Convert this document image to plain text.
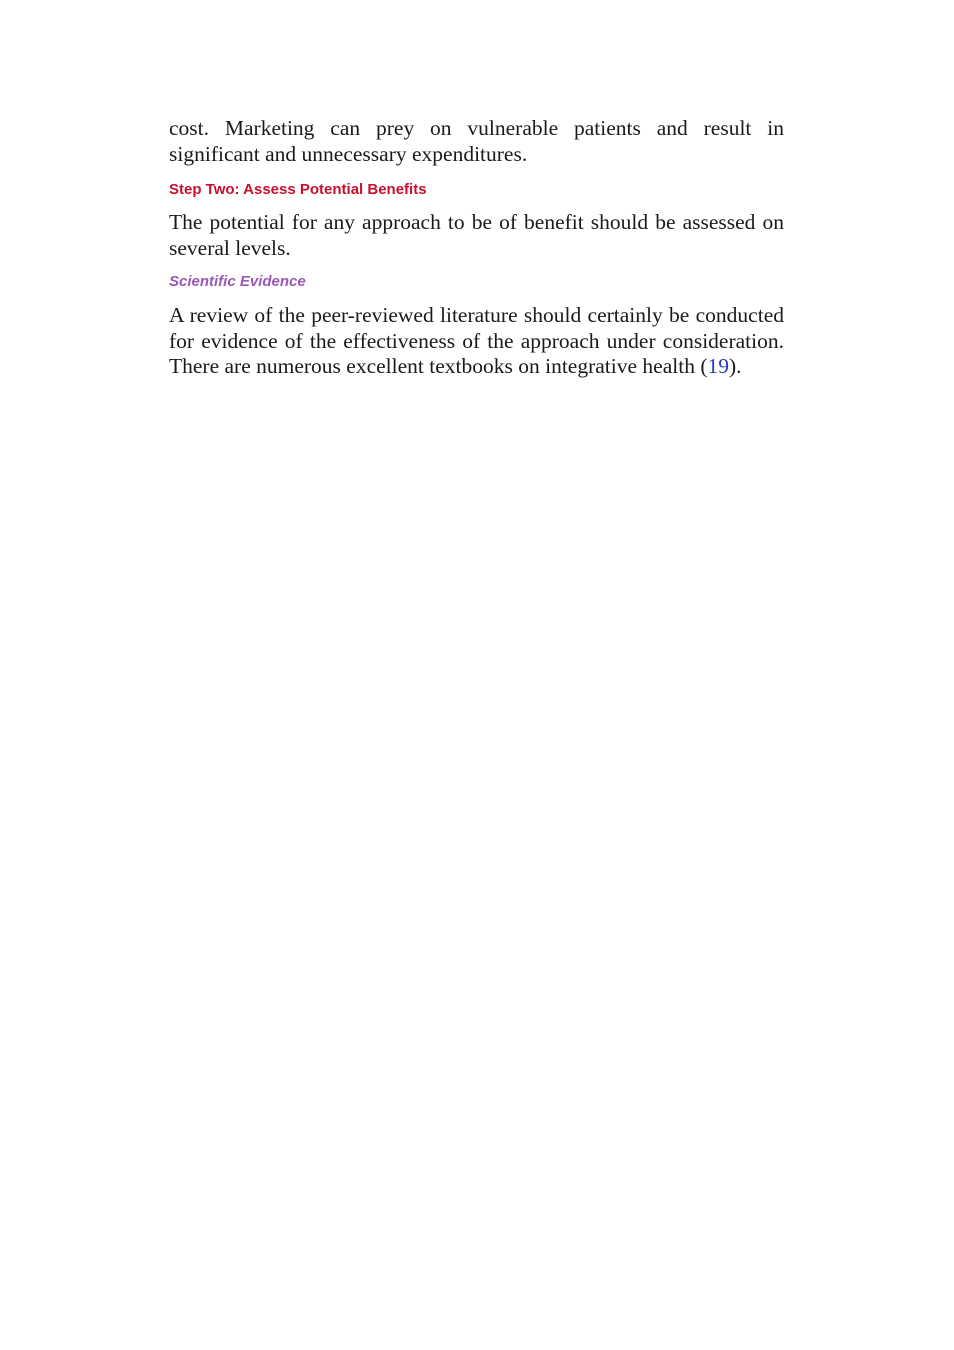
cost. Marketing can prey on vulnerable patients and result in significant and unnecessary expenditures.

Step Two: Assess Potential Benefits

The potential for any approach to be of benefit should be assessed on several levels.

Scientific Evidence

A review of the peer-reviewed literature should certainly be conducted for evidence of the effectiveness of the approach under consideration. There are numerous excellent textbooks on integrative health (19).
